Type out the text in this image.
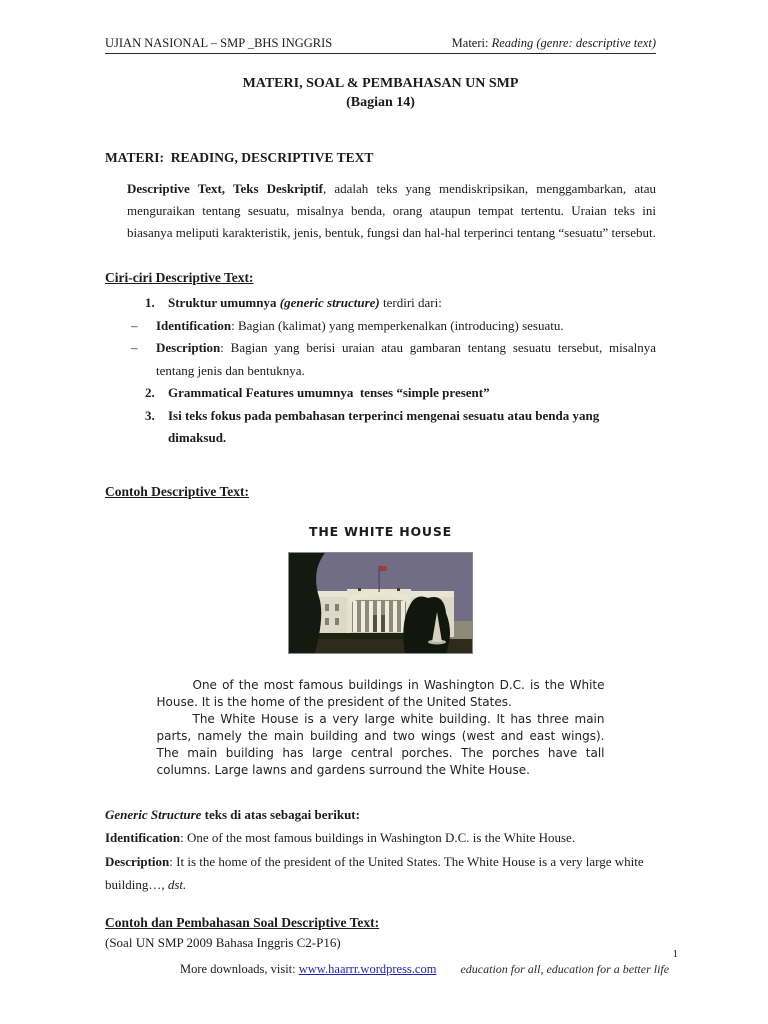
UJIAN NASIONAL – SMP _BHS INGGRIS	Materi: Reading (genre: descriptive text)
MATERI, SOAL & PEMBAHASAN UN SMP
(Bagian 14)
MATERI:  READING, DESCRIPTIVE TEXT

Descriptive Text, Teks Deskriptif, adalah teks yang mendiskripsikan, menggambarkan, atau menguraikan tentang sesuatu, misalnya benda, orang ataupun tempat tertentu. Uraian teks ini biasanya meliputi karakteristik, jenis, bentuk, fungsi dan hal-hal terperinci tentang “sesuatu” tersebut.

Ciri-ciri Descriptive Text:
1.	Struktur umumnya (generic structure) terdiri dari:
–	Identification: Bagian (kalimat) yang memperkenalkan (introducing) sesuatu.
–	Description: Bagian yang berisi uraian atau gambaran tentang sesuatu tersebut, misalnya tentang jenis dan bentuknya.
2.	Grammatical Features umumnya  tenses “simple present”
3.	Isi teks fokus pada pembahasan terperinci mengenai sesuatu atau benda yang dimaksud.
Contoh Descriptive Text:
THE WHITE HOUSE

One of the most famous buildings in Washington D.C. is the White House. It is the home of the president of the United States.

The White House is a very large white building. It has three main parts, namely the main building and two wings (west and east wings). The main building has large central porches. The porches have tall columns. Large lawns and gardens surround the White House.

Generic Structure teks di atas sebagai berikut:
Identification: One of the most famous buildings in Washington D.C. is the White House.
Description: It is the home of the president of the United States. The White House is a very large white building…, dst.
Contoh dan Pembahasan Soal Descriptive Text:
(Soal UN SMP 2009 Bahasa Inggris C2-P16)
1
More downloads, visit: www.haarrr.wordpress.com education for all, education for a better life
